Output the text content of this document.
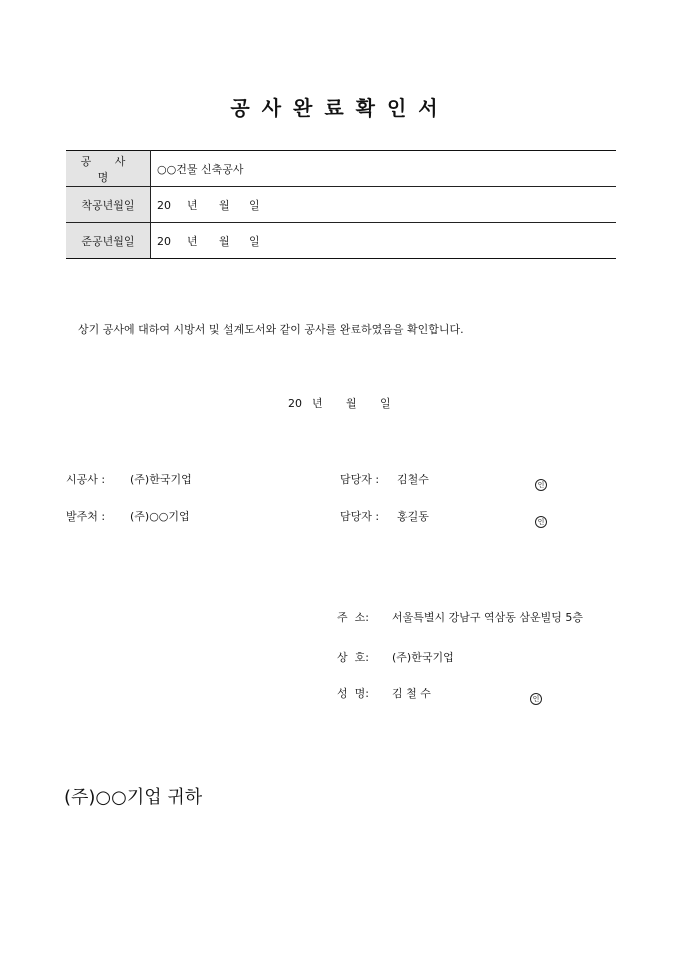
공사완료확인서
공 사 명	○○건물 신축공사
착공년월일	20 년 월 일
준공년월일	20 년 월 일
상기 공사에 대하여 시방서 및 설계도서와 같이 공사를 완료하였음을 확인합니다.
20 년 월 일
시공사 : (주)한국기업	담당자 : 김철수	인
발주처 : (주)○○기업	담당자 : 홍길동	인
주  소: 서울특별시 강남구 역삼동 삼운빌딩 5층
상  호: (주)한국기업
성  명: 김 철 수	인
(주)○○기업 귀하
